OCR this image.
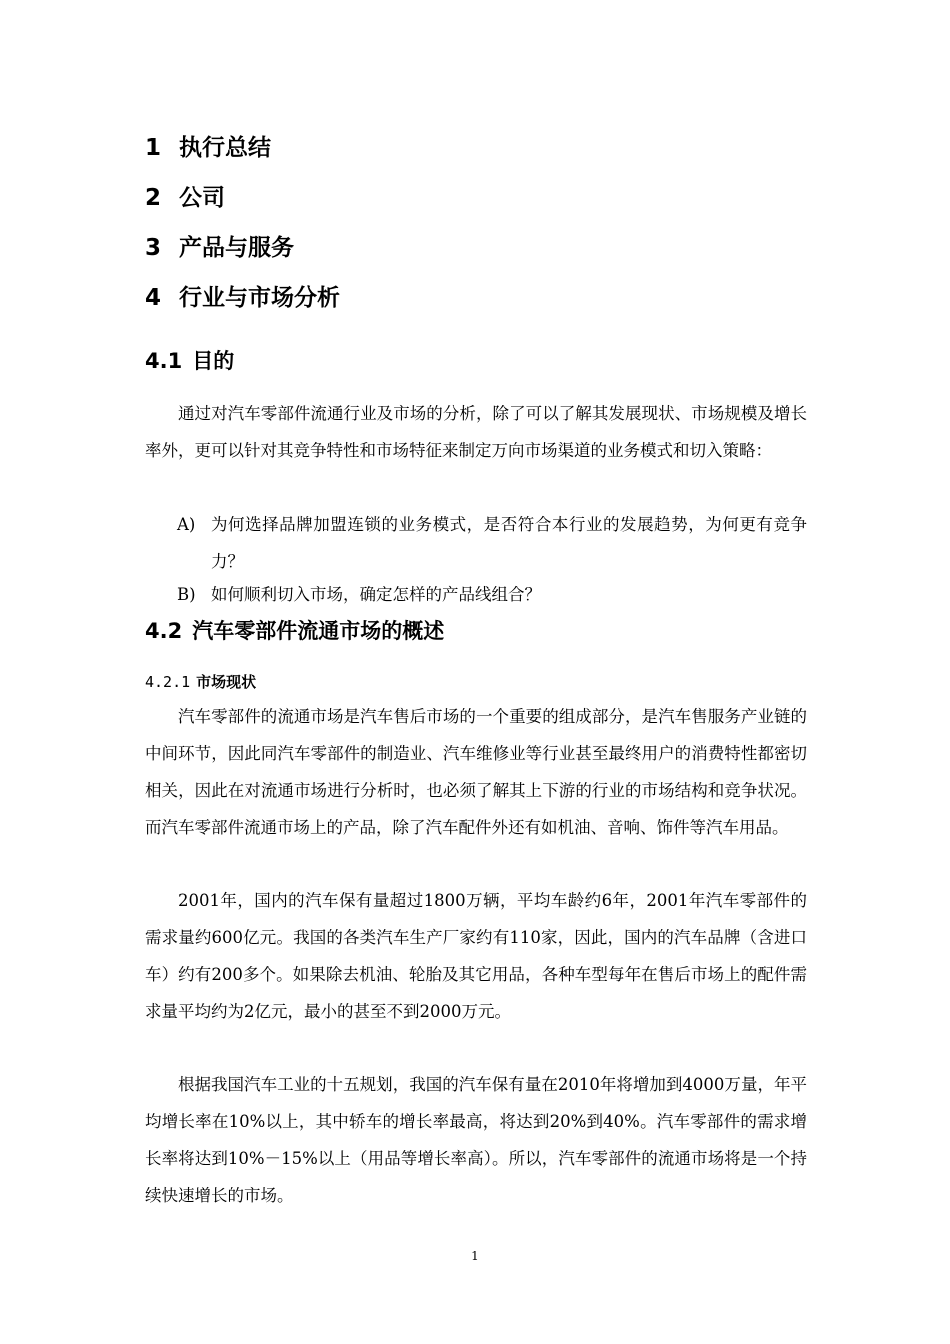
1 执行总结
2 公司
3 产品与服务
4 行业与市场分析
4.1 目的

通过对汽车零部件流通行业及市场的分析，除了可以了解其发展现状、市场规模及增长率外，更可以针对其竞争特性和市场特征来制定万向市场渠道的业务模式和切入策略：

A) 为何选择品牌加盟连锁的业务模式，是否符合本行业的发展趋势，为何更有竞争力？
B) 如何顺利切入市场，确定怎样的产品线组合？
4.2 汽车零部件流通市场的概述
4.2.1 市场现状

汽车零部件的流通市场是汽车售后市场的一个重要的组成部分，是汽车售服务产业链的中间环节，因此同汽车零部件的制造业、汽车维修业等行业甚至最终用户的消费特性都密切相关，因此在对流通市场进行分析时，也必须了解其上下游的行业的市场结构和竞争状况。而汽车零部件流通市场上的产品，除了汽车配件外还有如机油、音响、饰件等汽车用品。

2001年，国内的汽车保有量超过1800万辆，平均车龄约6年，2001年汽车零部件的需求量约600亿元。我国的各类汽车生产厂家约有110家，因此，国内的汽车品牌（含进口车）约有200多个。如果除去机油、轮胎及其它用品，各种车型每年在售后市场上的配件需求量平均约为2亿元，最小的甚至不到2000万元。

根据我国汽车工业的十五规划，我国的汽车保有量在2010年将增加到4000万量，年平均增长率在10%以上，其中轿车的增长率最高，将达到20%到40%。汽车零部件的需求增长率将达到10%－15%以上（用品等增长率高）。所以，汽车零部件的流通市场将是一个持续快速增长的市场。

1
